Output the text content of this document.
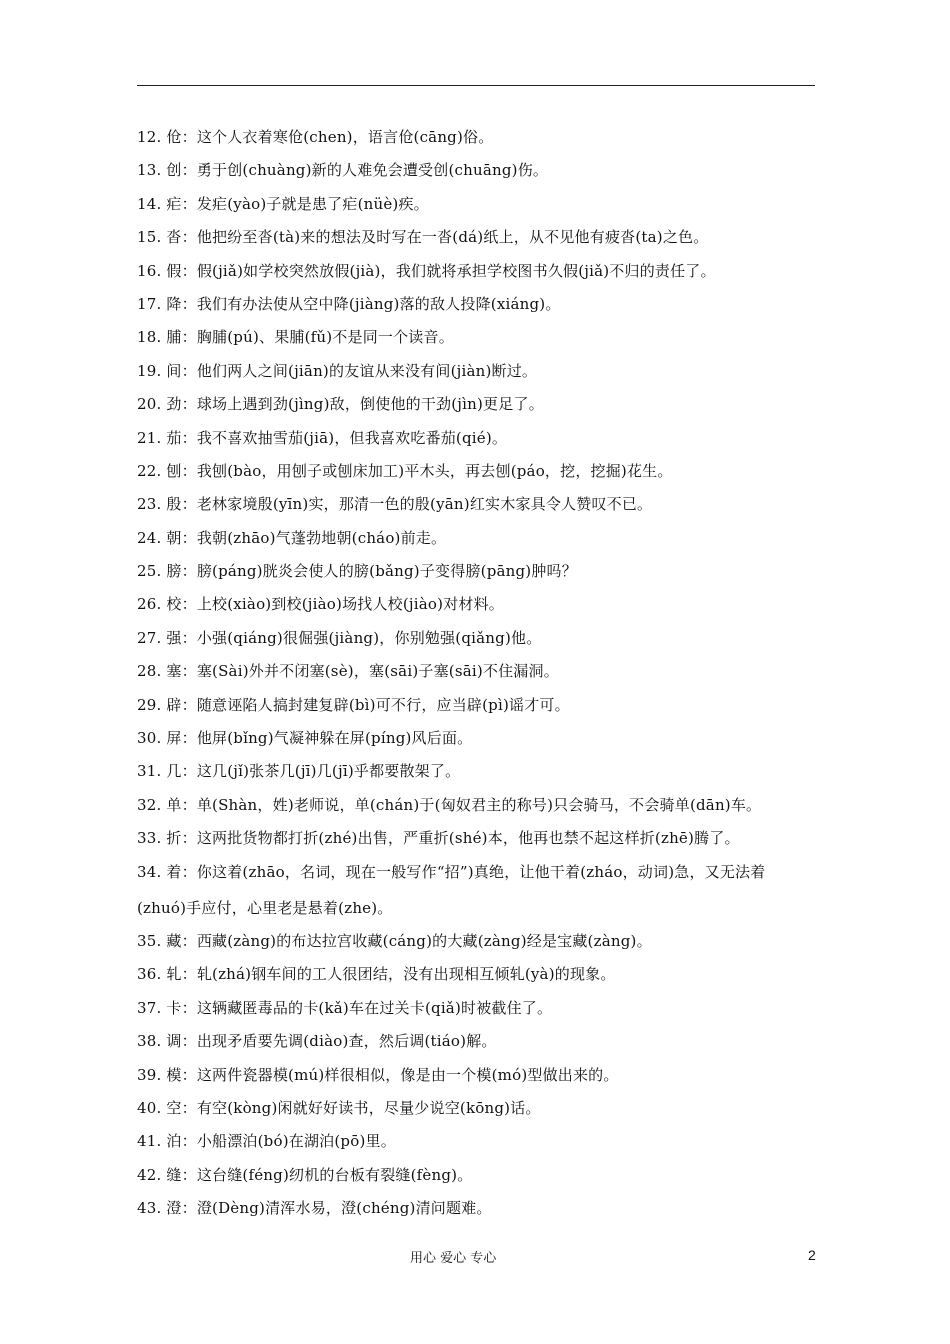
12. 伧：这个人衣着寒伧(chen)，语言伧(cāng)俗。
13. 创：勇于创(chuàng)新的人难免会遭受创(chuāng)伤。
14. 疟：发疟(yào)子就是患了疟(nüè)疾。
15. 沓：他把纷至沓(tà)来的想法及时写在一沓(dá)纸上，从不见他有疲沓(ta)之色。
16. 假：假(jiǎ)如学校突然放假(jià)，我们就将承担学校图书久假(jiǎ)不归的责任了。
17. 降：我们有办法使从空中降(jiàng)落的敌人投降(xiáng)。
18. 脯：胸脯(pú)、果脯(fǔ)不是同一个读音。
19. 间：他们两人之间(jiān)的友谊从来没有间(jiàn)断过。
20. 劲：球场上遇到劲(jìng)敌，倒使他的干劲(jìn)更足了。
21. 茄：我不喜欢抽雪茄(jiā)，但我喜欢吃番茄(qié)。
22. 刨：我刨(bào，用刨子或刨床加工)平木头，再去刨(páo，挖，挖掘)花生。
23. 殷：老林家境殷(yīn)实，那清一色的殷(yān)红实木家具令人赞叹不已。
24. 朝：我朝(zhāo)气蓬勃地朝(cháo)前走。
25. 膀：膀(páng)胱炎会使人的膀(bǎng)子变得膀(pāng)肿吗？
26. 校：上校(xiào)到校(jiào)场找人校(jiào)对材料。
27. 强：小强(qiáng)很倔强(jiàng)，你别勉强(qiǎng)他。
28. 塞：塞(Sài)外并不闭塞(sè)，塞(sāi)子塞(sāi)不住漏洞。
29. 辟：随意诬陷人搞封建复辟(bì)可不行，应当辟(pì)谣才可。
30. 屏：他屏(bǐng)气凝神躲在屏(píng)风后面。
31. 几：这几(jǐ)张茶几(jī)几(jī)乎都要散架了。
32. 单：单(Shàn，姓)老师说，单(chán)于(匈奴君主的称号)只会骑马，不会骑单(dān)车。
33. 折：这两批货物都打折(zhé)出售，严重折(shé)本，他再也禁不起这样折(zhē)腾了。
34. 着：你这着(zhāo，名词，现在一般写作“招”)真绝，让他干着(zháo，动词)急，又无法着
(zhuó)手应付，心里老是悬着(zhe)。
35. 藏：西藏(zàng)的布达拉宫收藏(cáng)的大藏(zàng)经是宝藏(zàng)。
36. 轧：轧(zhá)钢车间的工人很团结，没有出现相互倾轧(yà)的现象。
37. 卡：这辆藏匿毒品的卡(kǎ)车在过关卡(qiǎ)时被截住了。
38. 调：出现矛盾要先调(diào)查，然后调(tiáo)解。
39. 模：这两件瓷器模(mú)样很相似，像是由一个模(mó)型做出来的。
40. 空：有空(kòng)闲就好好读书，尽量少说空(kōng)话。
41. 泊：小船漂泊(bó)在湖泊(pō)里。
42. 缝：这台缝(féng)纫机的台板有裂缝(fèng)。
43. 澄：澄(Dèng)清浑水易，澄(chéng)清问题难。
用心 爱心 专心	2
